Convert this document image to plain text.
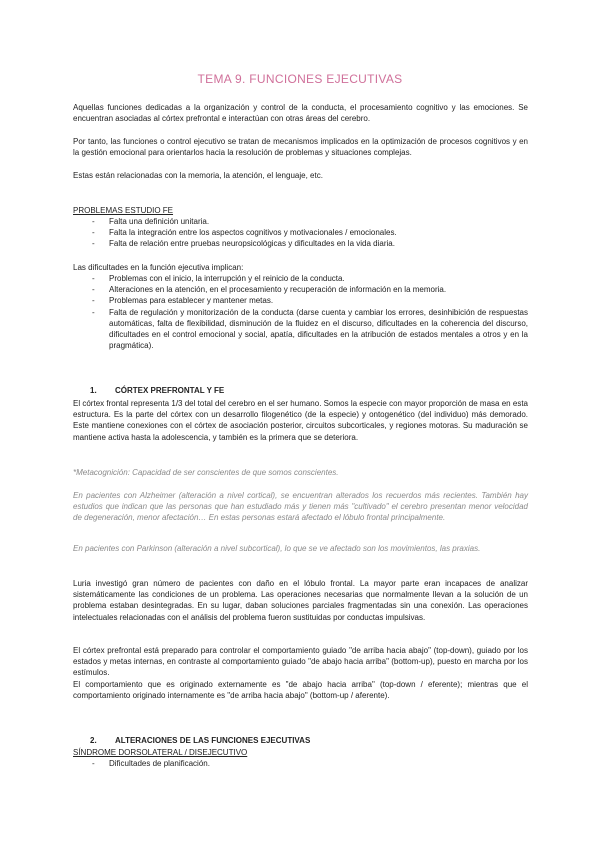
TEMA 9. FUNCIONES EJECUTIVAS

Aquellas funciones dedicadas a la organización y control de la conducta, el procesamiento cognitivo y las emociones. Se encuentran asociadas al córtex prefrontal e interactúan con otras áreas del cerebro.

Por tanto, las funciones o control ejecutivo se tratan de mecanismos implicados en la optimización de procesos cognitivos y en la gestión emocional para orientarlos hacia la resolución de problemas y situaciones complejas.

Estas están relacionadas con la memoria, la atención, el lenguaje, etc.

PROBLEMAS ESTUDIO FE

- Falta una definición unitaria.
- Falta la integración entre los aspectos cognitivos y motivacionales / emocionales.
- Falta de relación entre pruebas neuropsicológicas y dificultades en la vida diaria.

Las dificultades en la función ejecutiva implican:

- Problemas con el inicio, la interrupción y el reinicio de la conducta.
- Alteraciones en la atención, en el procesamiento y recuperación de información en la memoria.
- Problemas para establecer y mantener metas.
- Falta de regulación y monitorización de la conducta (darse cuenta y cambiar los errores, desinhibición de respuestas automáticas, falta de flexibilidad, disminución de la fluidez en el discurso, dificultades en la coherencia del discurso, dificultades en el control emocional y social, apatía, dificultades en la atribución de estados mentales a otros y en la pragmática).
1. CÓRTEX PREFRONTAL Y FE

El córtex frontal representa 1/3 del total del cerebro en el ser humano. Somos la especie con mayor proporción de masa en esta estructura. Es la parte del córtex con un desarrollo filogenético (de la especie) y ontogenético (del individuo) más demorado. Este mantiene conexiones con el córtex de asociación posterior, circuitos subcorticales, y regiones motoras. Su maduración se mantiene activa hasta la adolescencia, y también es la primera que se deteriora.

*Metacognición: Capacidad de ser conscientes de que somos conscientes.

En pacientes con Alzheimer (alteración a nivel cortical), se encuentran alterados los recuerdos más recientes. También hay estudios que indican que las personas que han estudiado más y tienen más "cultivado" el cerebro presentan menor velocidad de degeneración, menor afectación… En estas personas estará afectado el lóbulo frontal principalmente.

En pacientes con Parkinson (alteración a nivel subcortical), lo que se ve afectado son los movimientos, las praxias.

Luria investigó gran número de pacientes con daño en el lóbulo frontal. La mayor parte eran incapaces de analizar sistemáticamente las condiciones de un problema. Las operaciones necesarias que normalmente llevan a la solución de un problema estaban desintegradas. En su lugar, daban soluciones parciales fragmentadas sin una conexión. Las operaciones intelectuales relacionadas con el análisis del problema fueron sustituidas por conductas impulsivas.

El córtex prefrontal está preparado para controlar el comportamiento guiado "de arriba hacia abajo" (top-down), guiado por los estados y metas internas, en contraste al comportamiento guiado "de abajo hacia arriba" (bottom-up), puesto en marcha por los estímulos.

El comportamiento que es originado externamente es "de abajo hacia arriba" (top-down / eferente); mientras que el comportamiento originado internamente es "de arriba hacia abajo" (bottom-up / aferente).

2. ALTERACIONES DE LAS FUNCIONES EJECUTIVAS

SÍNDROME DORSOLATERAL / DISEJECUTIVO

- Dificultades de planificación.
